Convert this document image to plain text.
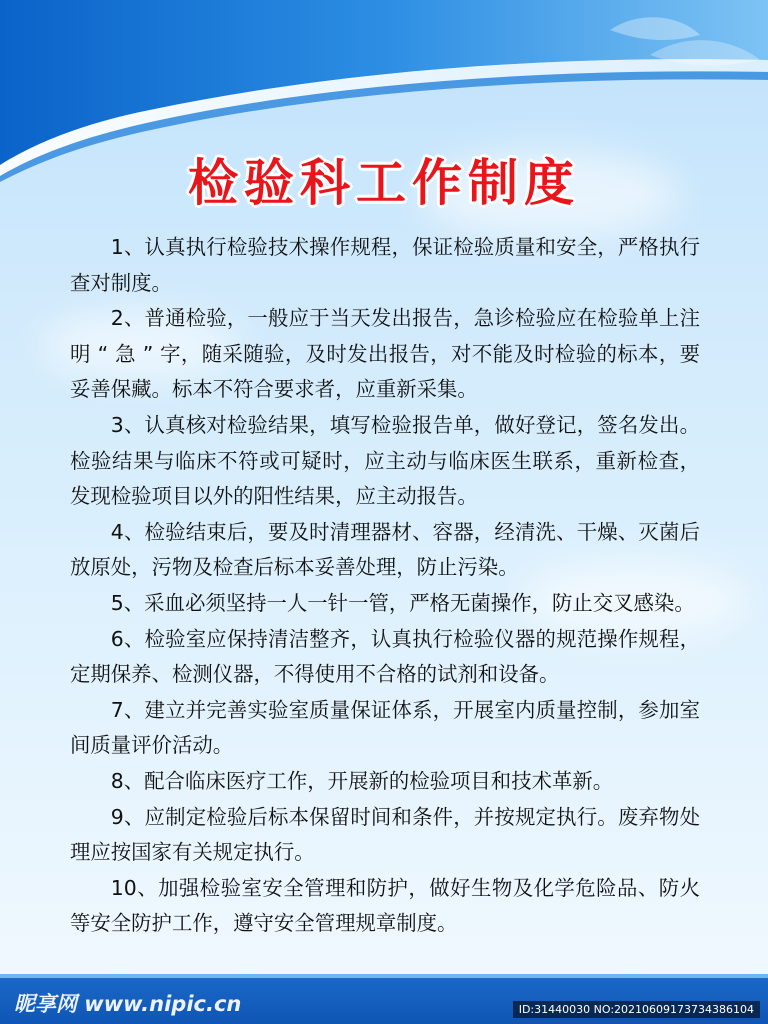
检验科工作制度

1、认真执行检验技术操作规程，保证检验质量和安全，严格执行查对制度。

2、普通检验，一般应于当天发出报告，急诊检验应在检验单上注明 “ 急 ” 字，随采随验，及时发出报告，对不能及时检验的标本，要妥善保藏。标本不符合要求者，应重新采集。

3、认真核对检验结果，填写检验报告单，做好登记，签名发出。检验结果与临床不符或可疑时，应主动与临床医生联系，重新检查，发现检验项目以外的阳性结果，应主动报告。

4、检验结束后，要及时清理器材、容器，经清洗、干燥、灭菌后放原处，污物及检查后标本妥善处理，防止污染。

5、采血必须坚持一人一针一管，严格无菌操作，防止交叉感染。

6、检验室应保持清洁整齐，认真执行检验仪器的规范操作规程，定期保养、检测仪器，不得使用不合格的试剂和设备。

7、建立并完善实验室质量保证体系，开展室内质量控制，参加室间质量评价活动。

8、配合临床医疗工作，开展新的检验项目和技术革新。

9、应制定检验后标本保留时间和条件，并按规定执行。废弃物处理应按国家有关规定执行。

10、加强检验室安全管理和防护，做好生物及化学危险品、防火等安全防护工作，遵守安全管理规章制度。

昵享网 www.nipic.cn	ID:31440030 NO:20210609173734386104
